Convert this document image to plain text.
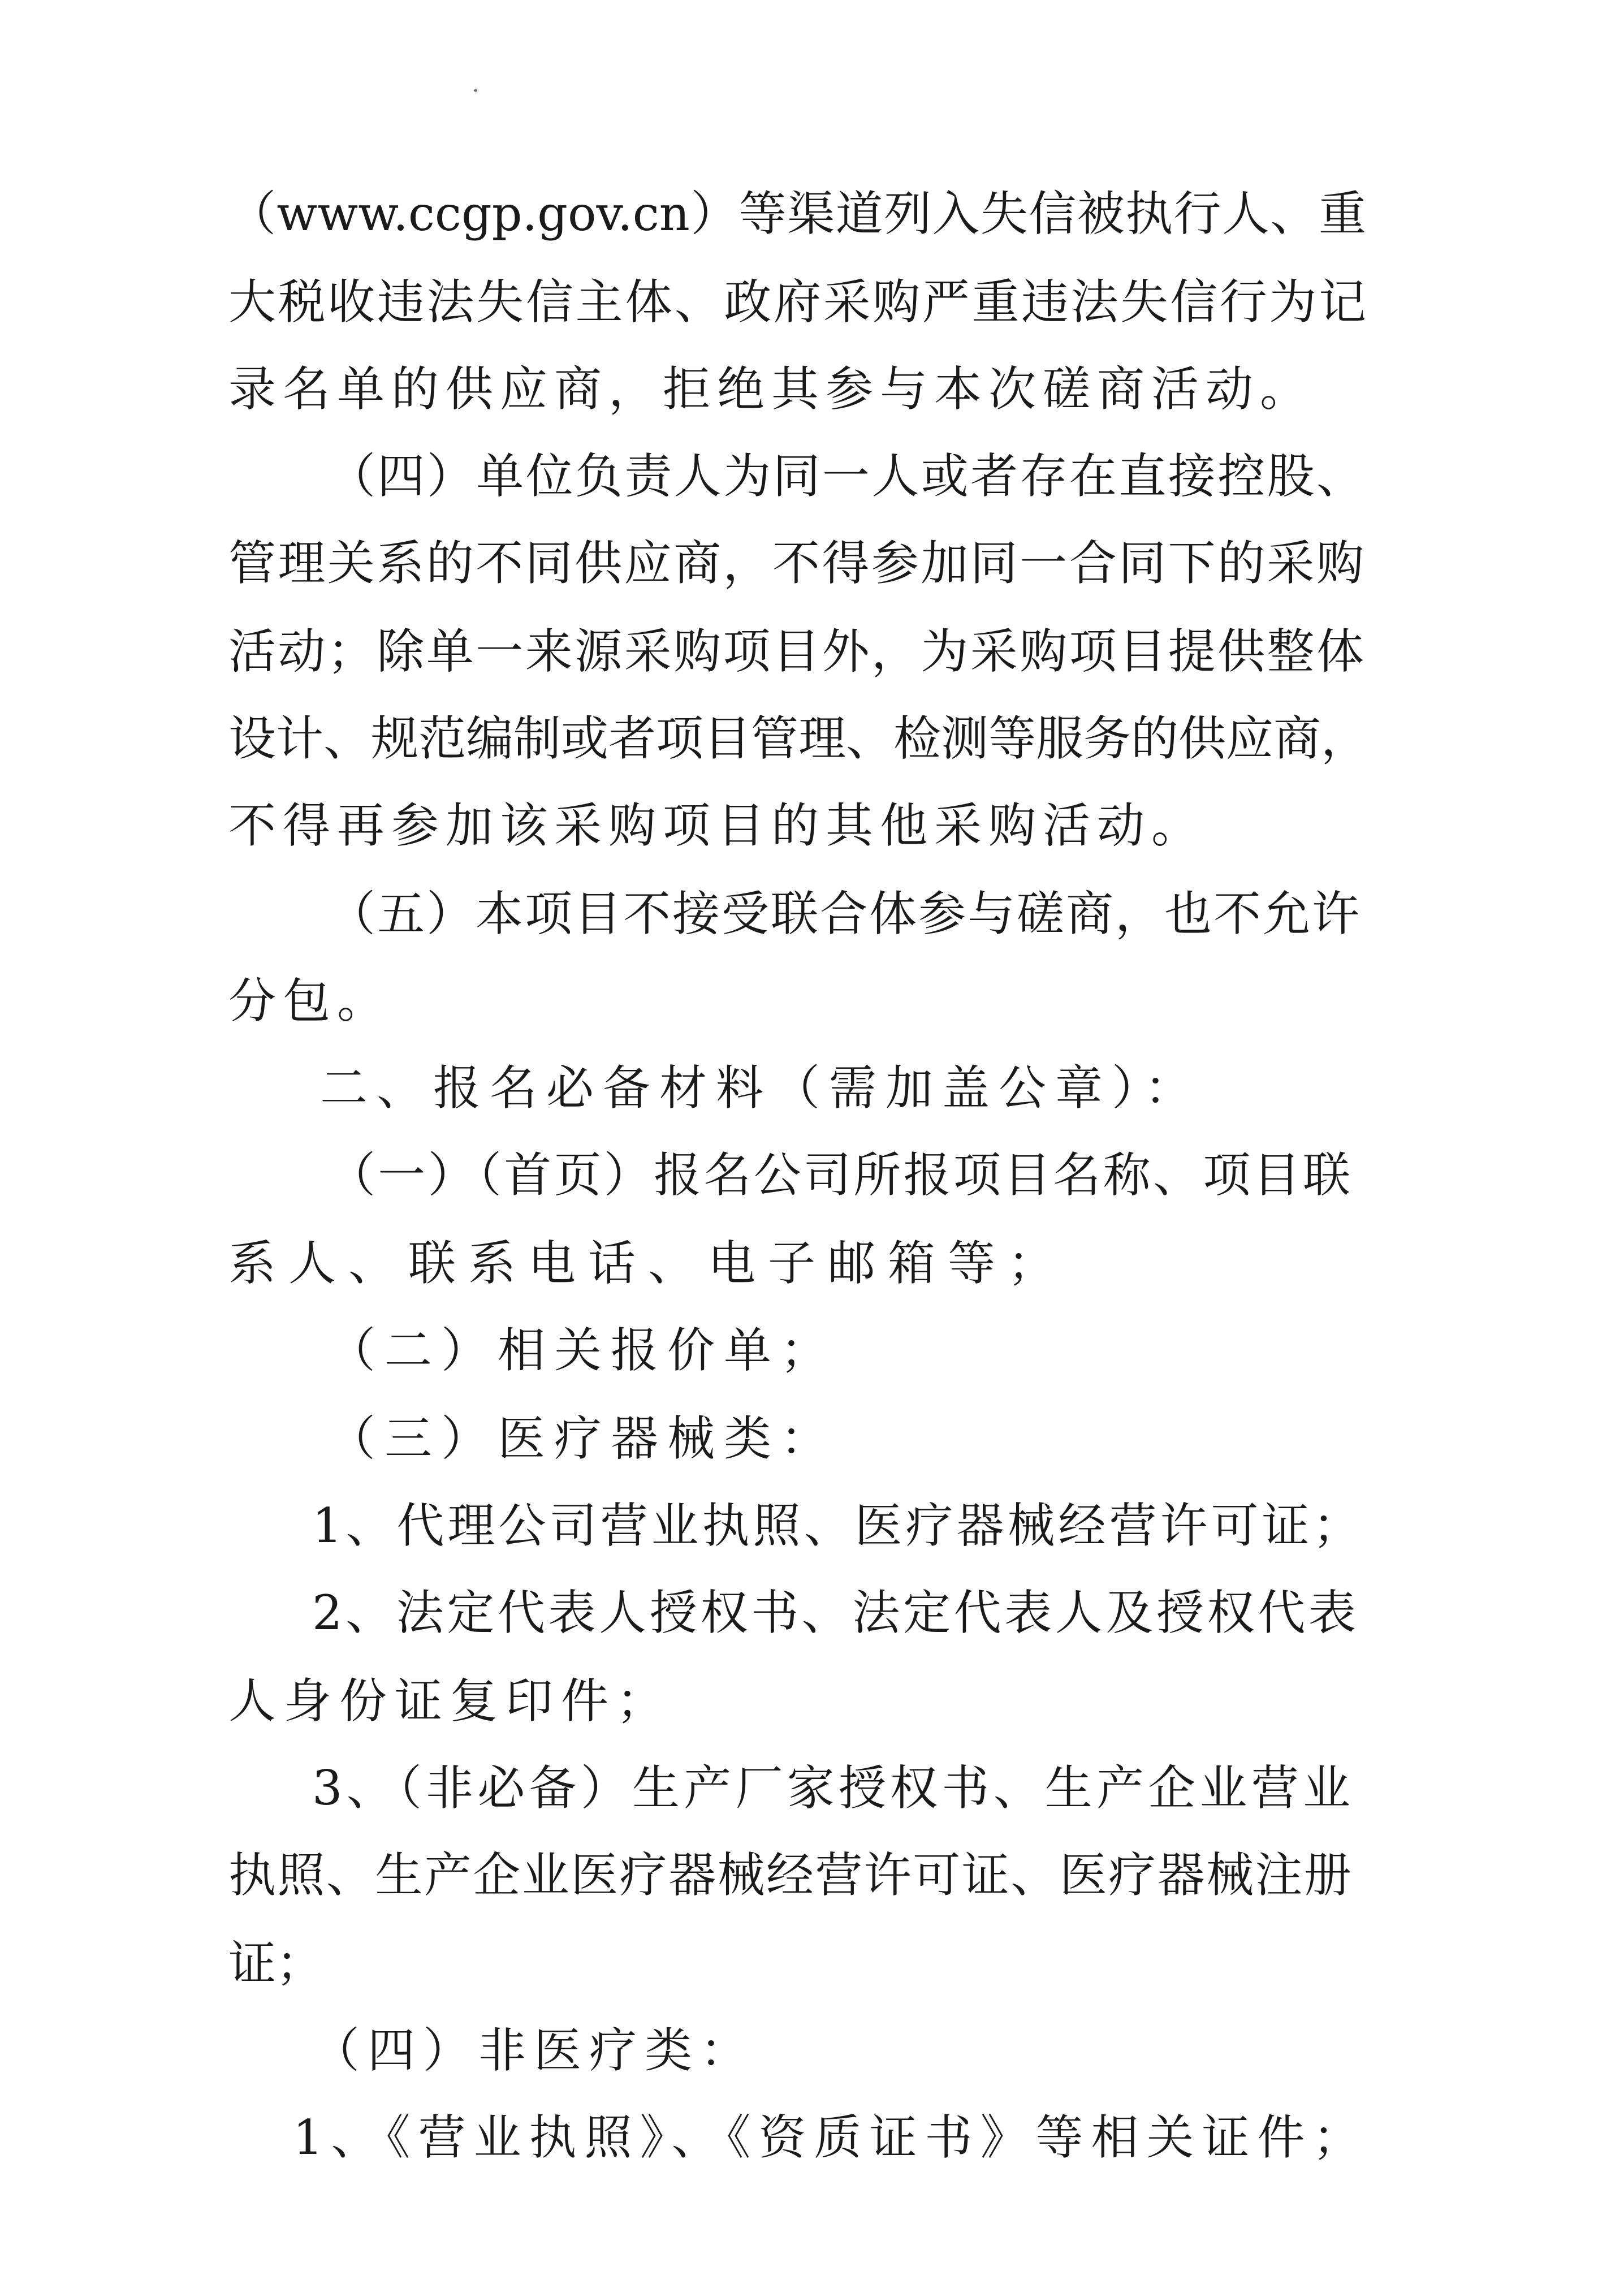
（www.ccgp.gov.cn）等渠道列入失信被执行人、重
大税收违法失信主体、政府采购严重违法失信行为记
录名单的供应商，拒绝其参与本次磋商活动。
（四）单位负责人为同一人或者存在直接控股、
管理关系的不同供应商，不得参加同一合同下的采购
活动；除单一来源采购项目外，为采购项目提供整体
设计、规范编制或者项目管理、检测等服务的供应商，
不得再参加该采购项目的其他采购活动。
（五）本项目不接受联合体参与磋商，也不允许
分包。
二、报名必备材料（需加盖公章）：
（一）（首页）报名公司所报项目名称、项目联
系人、联系电话、电子邮箱等；
（二）相关报价单；
（三）医疗器械类：
1、代理公司营业执照、医疗器械经营许可证；
2、法定代表人授权书、法定代表人及授权代表
人身份证复印件；
3、（非必备）生产厂家授权书、生产企业营业
执照、生产企业医疗器械经营许可证、医疗器械注册
证；
（四）非医疗类：
1、《营业执照》、《资质证书》等相关证件；
